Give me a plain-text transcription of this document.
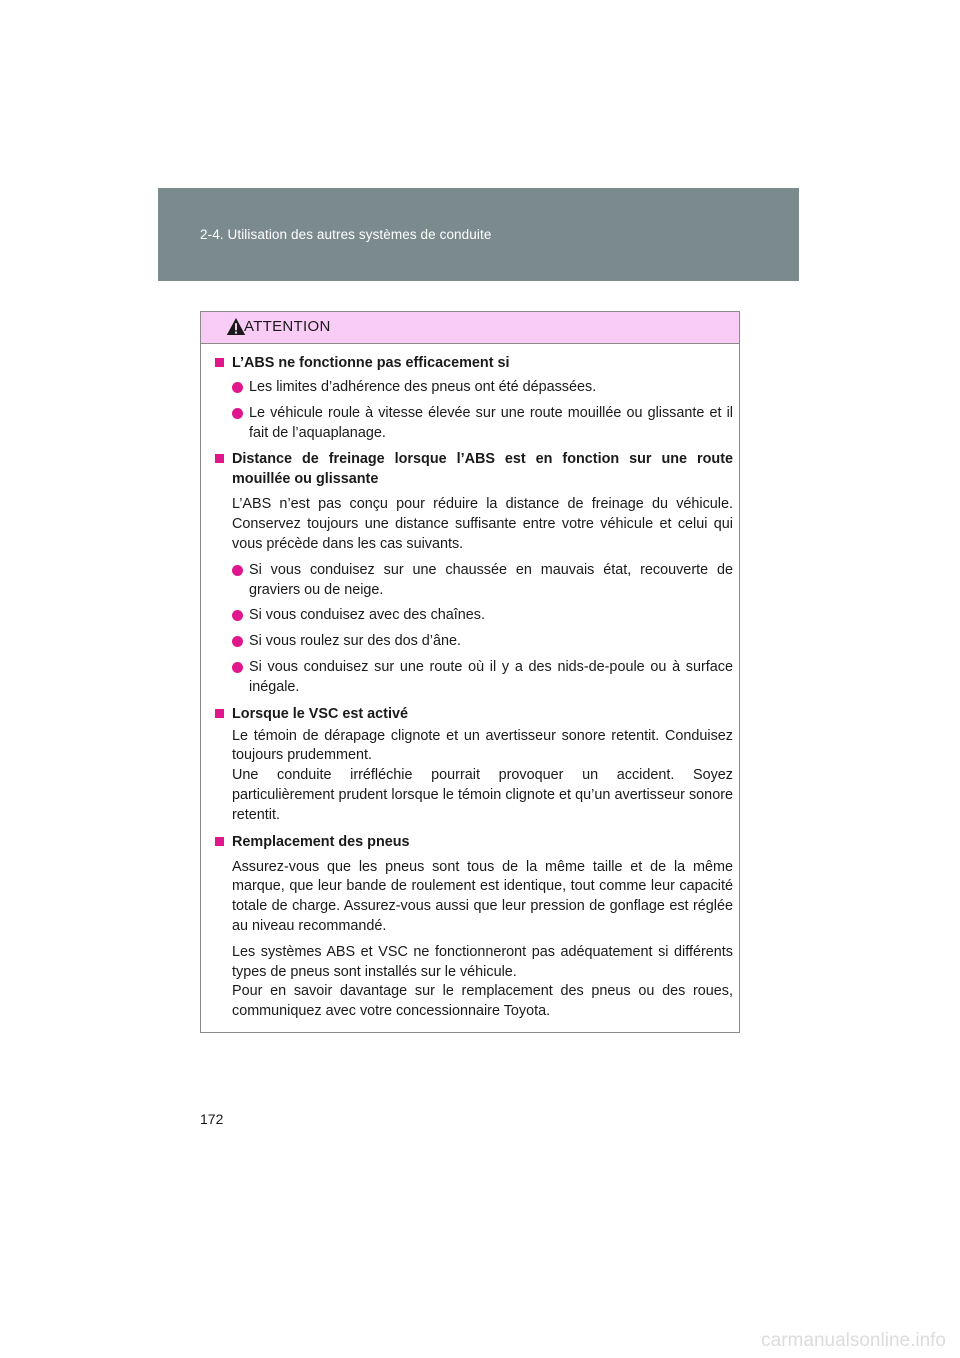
2-4. Utilisation des autres systèmes de conduite
ATTENTION
L’ABS ne fonctionne pas efficacement si
Les limites d’adhérence des pneus ont été dépassées.
Le véhicule roule à vitesse élevée sur une route mouillée ou glissante et il fait de l’aquaplanage.
Distance de freinage lorsque l’ABS est en fonction sur une route mouillée ou glissante
L’ABS n’est pas conçu pour réduire la distance de freinage du véhicule. Conservez toujours une distance suffisante entre votre véhicule et celui qui vous précède dans les cas suivants.
Si vous conduisez sur une chaussée en mauvais état, recouverte de graviers ou de neige.
Si vous conduisez avec des chaînes.
Si vous roulez sur des dos d’âne.
Si vous conduisez sur une route où il y a des nids-de-poule ou à surface inégale.
Lorsque le VSC est activé
Le témoin de dérapage clignote et un avertisseur sonore retentit. Conduisez toujours prudemment.
Une conduite irréfléchie pourrait provoquer un accident. Soyez particulièrement prudent lorsque le témoin clignote et qu’un avertisseur sonore retentit.
Remplacement des pneus
Assurez-vous que les pneus sont tous de la même taille et de la même marque, que leur bande de roulement est identique, tout comme leur capacité totale de charge. Assurez-vous aussi que leur pression de gonflage est réglée au niveau recommandé.
Les systèmes ABS et VSC ne fonctionneront pas adéquatement si différents types de pneus sont installés sur le véhicule.
Pour en savoir davantage sur le remplacement des pneus ou des roues, communiquez avec votre concessionnaire Toyota.
172
carmanualsonline.info
